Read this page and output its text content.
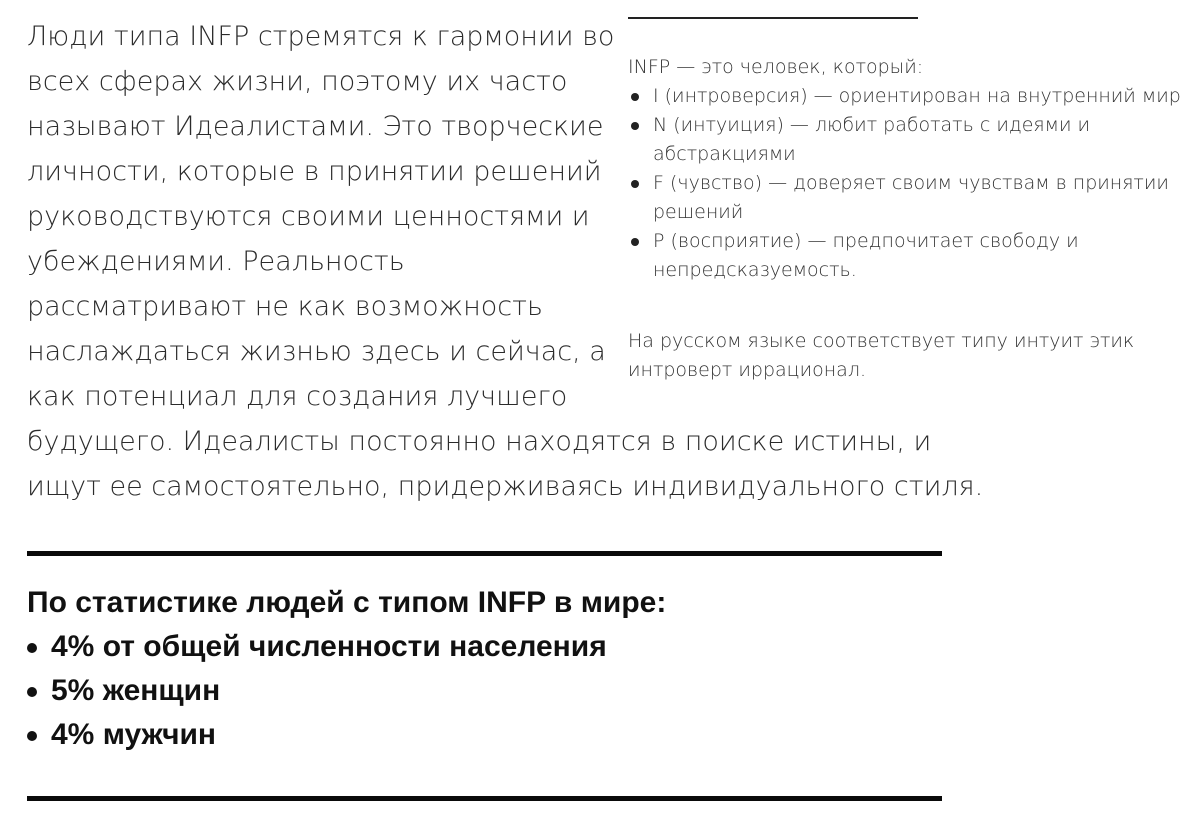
INFP — это человек, который:
I (интроверсия) — ориентирован на внутренний мир
N (интуиция) — любит работать с идеями и абстракциями
F (чувство) — доверяет своим чувствам в принятии решений
P (восприятие) — предпочитает свободу и непредсказуемость.
На русском языке соответствует типу интуит этик интроверт иррационал.

Люди типа INFP стремятся к гармонии во
всех сферах жизни, поэтому их часто
называют Идеалистами. Это творческие
личности, которые в принятии решений
руководствуются своими ценностями и
убеждениями. Реальность
рассматривают не как возможность
наслаждаться жизнью здесь и сейчас, а
как потенциал для создания лучшего
будущего. Идеалисты постоянно находятся в поиске истины, и
ищут ее самостоятельно, придерживаясь индивидуального стиля.

По статистике людей с типом INFP в мире:
4% от общей численности населения
5% женщин
4% мужчин
